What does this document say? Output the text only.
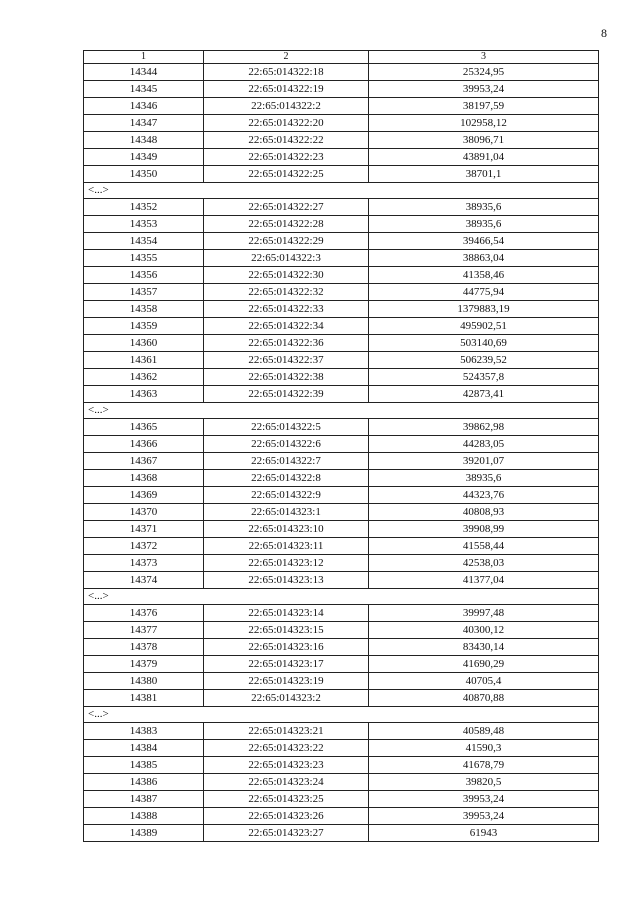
8
1	2	3
14344	22:65:014322:18	25324,95
14345	22:65:014322:19	39953,24
14346	22:65:014322:2	38197,59
14347	22:65:014322:20	102958,12
14348	22:65:014322:22	38096,71
14349	22:65:014322:23	43891,04
14350	22:65:014322:25	38701,1
<...>		
14352	22:65:014322:27	38935,6
14353	22:65:014322:28	38935,6
14354	22:65:014322:29	39466,54
14355	22:65:014322:3	38863,04
14356	22:65:014322:30	41358,46
14357	22:65:014322:32	44775,94
14358	22:65:014322:33	1379883,19
14359	22:65:014322:34	495902,51
14360	22:65:014322:36	503140,69
14361	22:65:014322:37	506239,52
14362	22:65:014322:38	524357,8
14363	22:65:014322:39	42873,41
<...>		
14365	22:65:014322:5	39862,98
14366	22:65:014322:6	44283,05
14367	22:65:014322:7	39201,07
14368	22:65:014322:8	38935,6
14369	22:65:014322:9	44323,76
14370	22:65:014323:1	40808,93
14371	22:65:014323:10	39908,99
14372	22:65:014323:11	41558,44
14373	22:65:014323:12	42538,03
14374	22:65:014323:13	41377,04
<...>		
14376	22:65:014323:14	39997,48
14377	22:65:014323:15	40300,12
14378	22:65:014323:16	83430,14
14379	22:65:014323:17	41690,29
14380	22:65:014323:19	40705,4
14381	22:65:014323:2	40870,88
<...>		
14383	22:65:014323:21	40589,48
14384	22:65:014323:22	41590,3
14385	22:65:014323:23	41678,79
14386	22:65:014323:24	39820,5
14387	22:65:014323:25	39953,24
14388	22:65:014323:26	39953,24
14389	22:65:014323:27	61943
